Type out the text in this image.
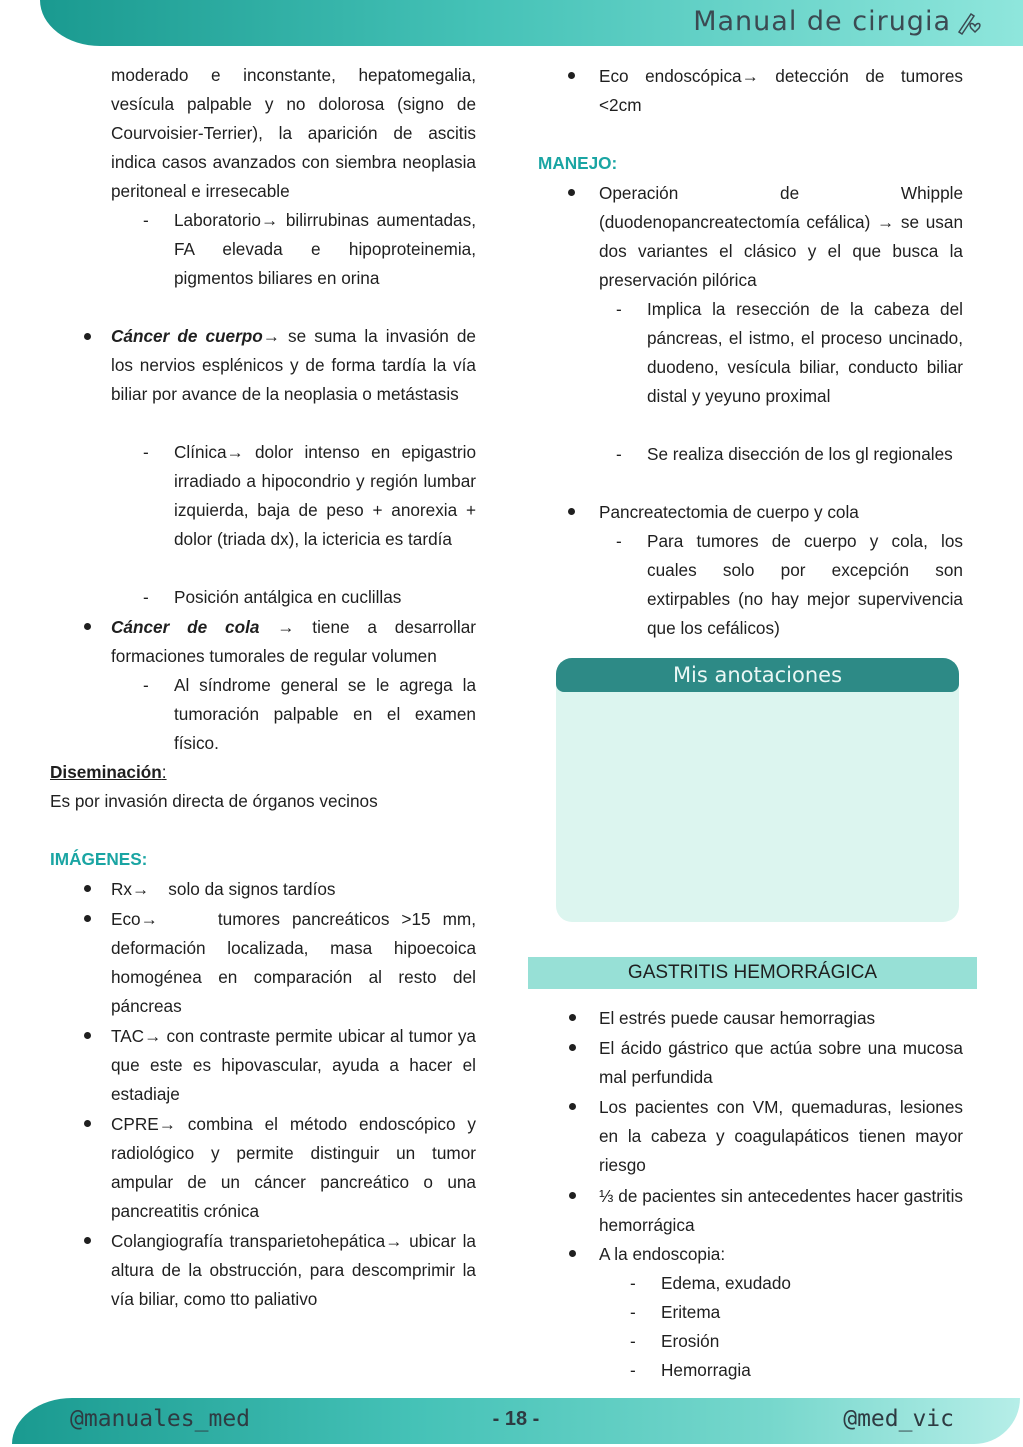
Manual de cirugia
moderado e inconstante, hepatomegalia, vesícula palpable y no dolorosa (signo de Courvoisier-Terrier), la aparición de ascitis indica casos avanzados con siembra neoplasia peritoneal e irresecable
- Laboratorio→ bilirrubinas aumentadas, FA elevada e hipoproteinemia, pigmentos biliares en orina
Cáncer de cuerpo→ se suma la invasión de los nervios esplénicos y de forma tardía la vía biliar por avance de la neoplasia o metástasis
- Clínica→ dolor intenso en epigastrio irradiado a hipocondrio y región lumbar izquierda, baja de peso + anorexia + dolor (triada dx), la ictericia es tardía
- Posición antálgica en cuclillas
Cáncer de cola → tiene a desarrollar formaciones tumorales de regular volumen
- Al síndrome general se le agrega la tumoración palpable en el examen físico.
Diseminación:
Es por invasión directa de órganos vecinos
IMÁGENES:
Rx→    solo da signos tardíos
Eco→     tumores pancreáticos >15 mm, deformación localizada, masa hipoecoica homogénea en comparación al resto del páncreas
TAC→ con contraste permite ubicar al tumor ya que este es hipovascular, ayuda a hacer el estadiaje
CPRE→ combina el método endoscópico y radiológico y permite distinguir un tumor ampular de un cáncer pancreático o una pancreatitis crónica
Colangiografía transparietohepática→ ubicar la altura de la obstrucción, para descomprimir la vía biliar, como tto paliativo
Eco endoscópica→ detección de tumores <2cm
MANEJO:
Operación de Whipple (duodenopancreatectomía cefálica) → se usan dos variantes el clásico y el que busca la preservación pilórica
- Implica la resección de la cabeza del páncreas, el istmo, el proceso uncinado, duodeno, vesícula biliar, conducto biliar distal y yeyuno proximal
- Se realiza disección de los gl regionales
Pancreatectomia de cuerpo y cola
- Para tumores de cuerpo y cola, los cuales solo por excepción son extirpables (no hay mejor supervivencia que los cefálicos)
Mis anotaciones
GASTRITIS HEMORRÁGICA
El estrés puede causar hemorragias
El ácido gástrico que actúa sobre una mucosa mal perfundida
Los pacientes con VM, quemaduras, lesiones en la cabeza y coagulapáticos tienen mayor riesgo
⅓ de pacientes sin antecedentes hacer gastritis hemorrágica
A la endoscopia:
- Edema, exudado
- Eritema
- Erosión
- Hemorragia
@manuales_med	- 18 -	@med_vic
